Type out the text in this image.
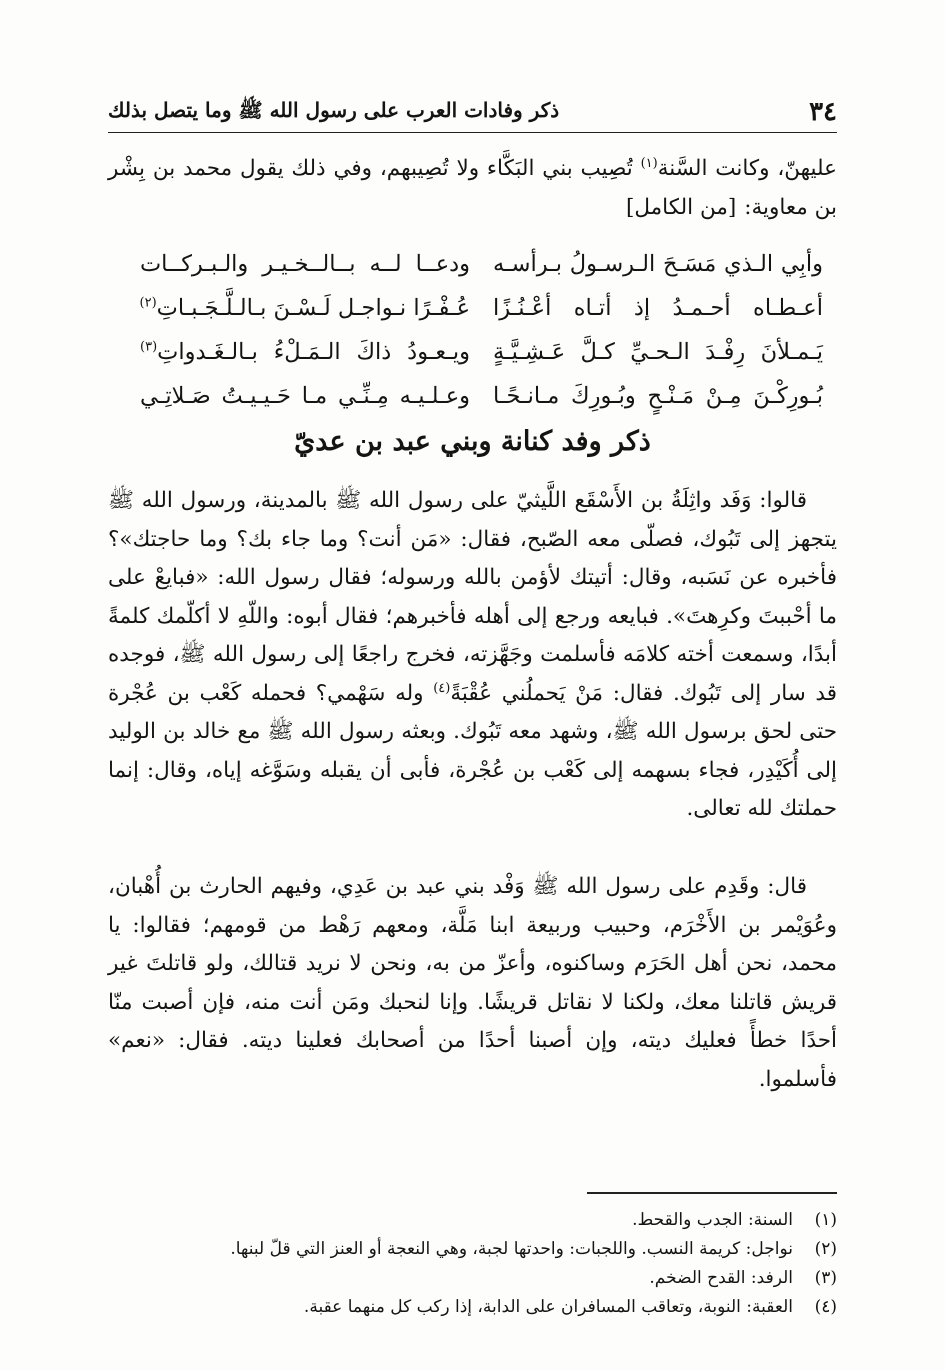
٣٤
ذكر وفادات العرب على رسول الله ﷺ وما يتصل بذلك
عليهنّ، وكانت السَّنة$^{(١)}$ تُصِيب بني البَكَّاء ولا تُصِيبهم، وفي ذلك يقول محمد بن بِشْر بن معاوية:[من الكامل]
وأبِي الـذي مَسَـحَ الـرسـولُ بـرأسـه
ودعــا لــه بــالــخـيـر والـبـركــات
أعـطـاه أحـمـدُ إذ أتـاه أعْـنُـزًا
عُـفْـرًا نـواجـل لَـسْـنَ بـالـلَّـجَـبـاتِ$^{(٢)}$
يَـمـلأنَ رِفْـدَ الـحـيِّ كـلَّ عَـشِـيَّـةٍ
ويـعـودُ ذاكَ الـمَـلْءُ بـالـغَـدواتِ$^{(٣)}$
بُـورِكْـنَ مِـنْ مَـنْـحٍ وبُـورِكَ مـانـحًـا
وعـلـيـه مِـنِّـي مـا حَـيـيـتُ صَـلاتِـي
ذكر وفد كنانة وبني عبد بن عديّ
قالوا: وَفَد واثِلَةُ بن الأَسْقَع اللَّيثيّ على رسول الله ﷺ بالمدينة، ورسول الله ﷺ يتجهز إلى تَبُوك، فصلّى معه الصّبح، فقال: «مَن أنت؟ وما جاء بك؟ وما حاجتك»؟ فأخبره عن نَسَبه، وقال: أتيتك لأؤمن بالله ورسوله؛ فقال رسول الله: «فبايعْ على ما أحْببتَ وكرِهتَ». فبايعه ورجع إلى أهله فأخبرهم؛ فقال أبوه: واللّهِ لا أكلّمك كلمةً أبدًا، وسمعت أخته كلامَه فأسلمت وجَهَّزته، فخرج راجعًا إلى رسول الله ﷺ، فوجده قد سار إلى تَبُوك. فقال: مَنْ يَحملُني عُقْبَةً$^{(٤)}$ وله سَهْمي؟ فحمله كَعْب بن عُجْرة حتى لحق برسول الله ﷺ، وشهد معه تَبُوك. وبعثه رسول الله ﷺ مع خالد بن الوليد إلى أُكَيْدِر، فجاء بسهمه إلى كَعْب بن عُجْرة، فأبى أن يقبله وسَوَّغه إياه، وقال: إنما حملتك لله تعالى.
قال: وقَدِم على رسول الله ﷺ وَفْد بني عبد بن عَدِي، وفيهم الحارث بن أُهْبان، وعُوَيْمر بن الأَخْرَم، وحبيب وربيعة ابنا مَلَّة، ومعهم رَهْط من قومهم؛ فقالوا: يا محمد، نحن أهل الحَرَم وساكنوه، وأعزّ من به، ونحن لا نريد قتالك، ولو قاتلتَ غير قريش قاتلنا معك، ولكنا لا نقاتل قريشًا. وإنا لنحبك ومَن أنت منه، فإن أصبت منّا أحدًا خطأً فعليك ديته، وإن أصبنا أحدًا من أصحابك فعلينا ديته. فقال: «نعم» فأسلموا.
(١)
السنة: الجدب والقحط.
(٢)
نواجل: كريمة النسب. واللجبات: واحدتها لجبة، وهي النعجة أو العنز التي قلّ لبنها.
(٣)
الرفد: القدح الضخم.
(٤)
العقبة: النوبة، وتعاقب المسافران على الدابة، إذا ركب كل منهما عقبة.
